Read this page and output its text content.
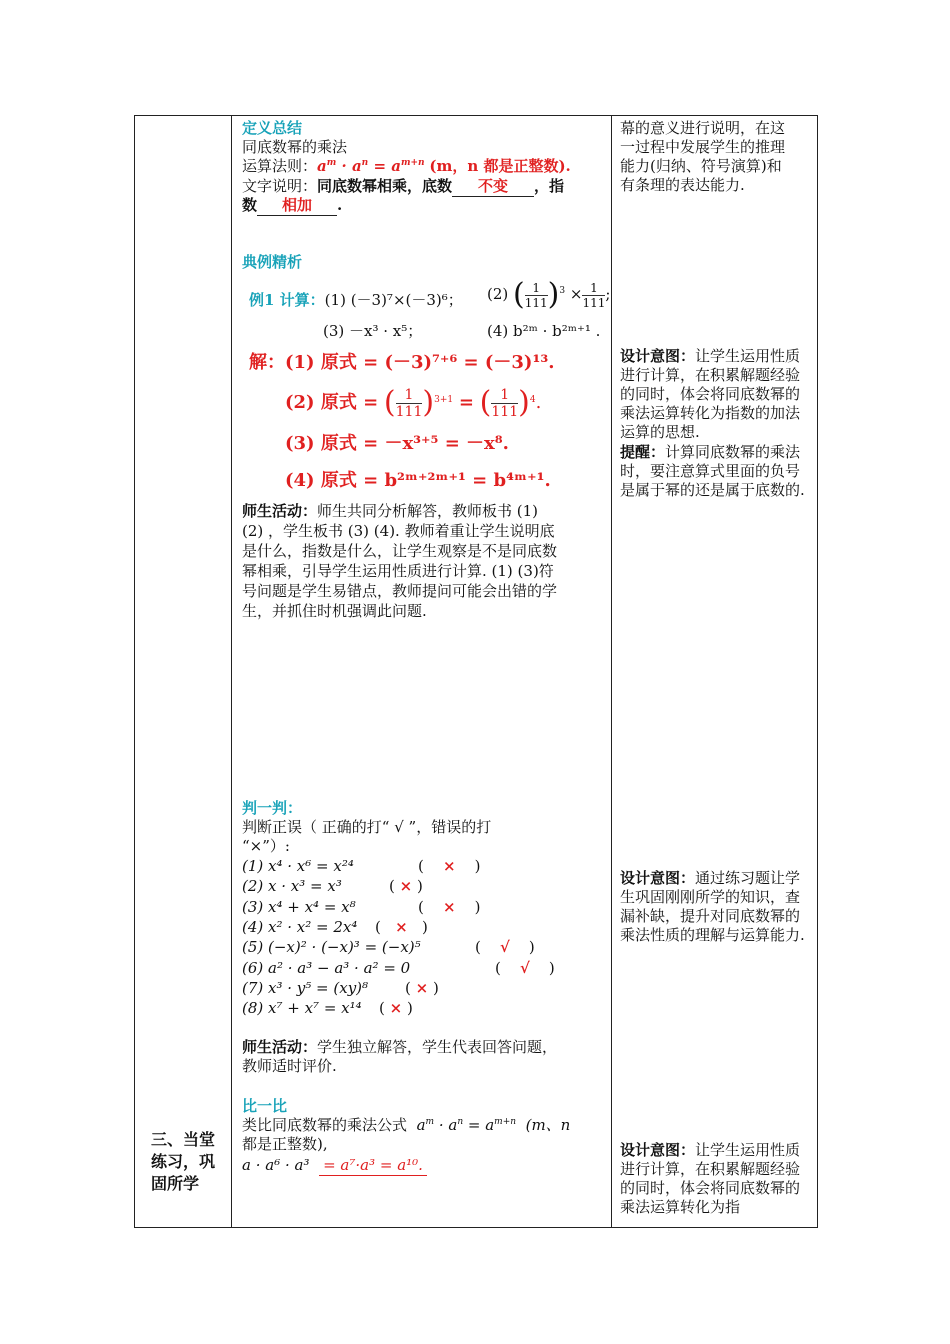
三、当堂
练习，巩
固所学
定义总结
同底数幂的乘法
运算法则：$a^m \cdot a^n = a^{m+n}$ (m，n 都是正整数).
文字说明：同底数幂相乘，底数 不变 ，指
数 相加 .
典例精析
例1 计算：(1) (－3)⁷×(－3)⁶； (2) ( $\frac{1}{111} )^3 \times \frac{1}{111}$ ;
(3) －x³ · x⁵；	(4) b²ᵐ · b²ᵐ⁺¹ .
解：(1) 原式 = (－3)⁷⁺⁶ = (－3)¹³.
(2) 原式 = ( $\frac{1}{111} )^{3+1}$ = ( $\frac{1}{111} )^4$.
(3) 原式 = －x³⁺⁵ = －x⁸.
(4) 原式 = b²ᵐ⁺²ᵐ⁺¹ = b⁴ᵐ⁺¹.
师生活动：师生共同分析解答，教师板书 (1)
(2) ，学生板书 (3) (4). 教师着重让学生说明底
是什么，指数是什么，让学生观察是不是同底数
幂相乘，引导学生运用性质进行计算. (1) (3)符
号问题是学生易错点，教师提问可能会出错的学
生，并抓住时机强调此问题.
判一判：
判断正误（ 正确的打“ √ ”，错误的打
“×”）:
(1) x⁴ · x⁶ = x²⁴	(    ×    )
(2) x · x³ = x³	( × )
(3) x⁴ + x⁴ = x⁸	(    ×    )
(4) x² · x² = 2x⁴ (   ×   )
(5) (−x)² · (−x)³ = (−x)⁵	(    √    )
(6) a² · a³ − a³ · a² = 0	(    √    )
(7) x³ · y⁵ = (xy)⁸ ( × )
(8) x⁷ + x⁷ = x¹⁴ ( × )
师生活动：学生独立解答，学生代表回答问题，
教师适时评价.
比一比
类比同底数幂的乘法公式 $a^m \cdot a^n = a^{m+n}$ (m、n
都是正整数),
a · a⁶ · a³  = a⁷·a³ = a¹⁰.
幕的意义进行说明，在这
一过程中发展学生的推理
能力(归纳、符号演算)和
有条理的表达能力.
设计意图：让学生运用性质进行计算，在积累解题经验的同时，体会将同底数幂的乘法运算转化为指数的加法运算的思想.
提醒：计算同底数幂的乘法时，要注意算式里面的负号是属于幂的还是属于底数的.
设计意图：通过练习题让学生巩固刚刚所学的知识，查漏补缺，提升对同底数幂的乘法性质的理解与运算能力.
设计意图：让学生运用性质进行计算，在积累解题经验的同时，体会将同底数幂的乘法运算转化为指
